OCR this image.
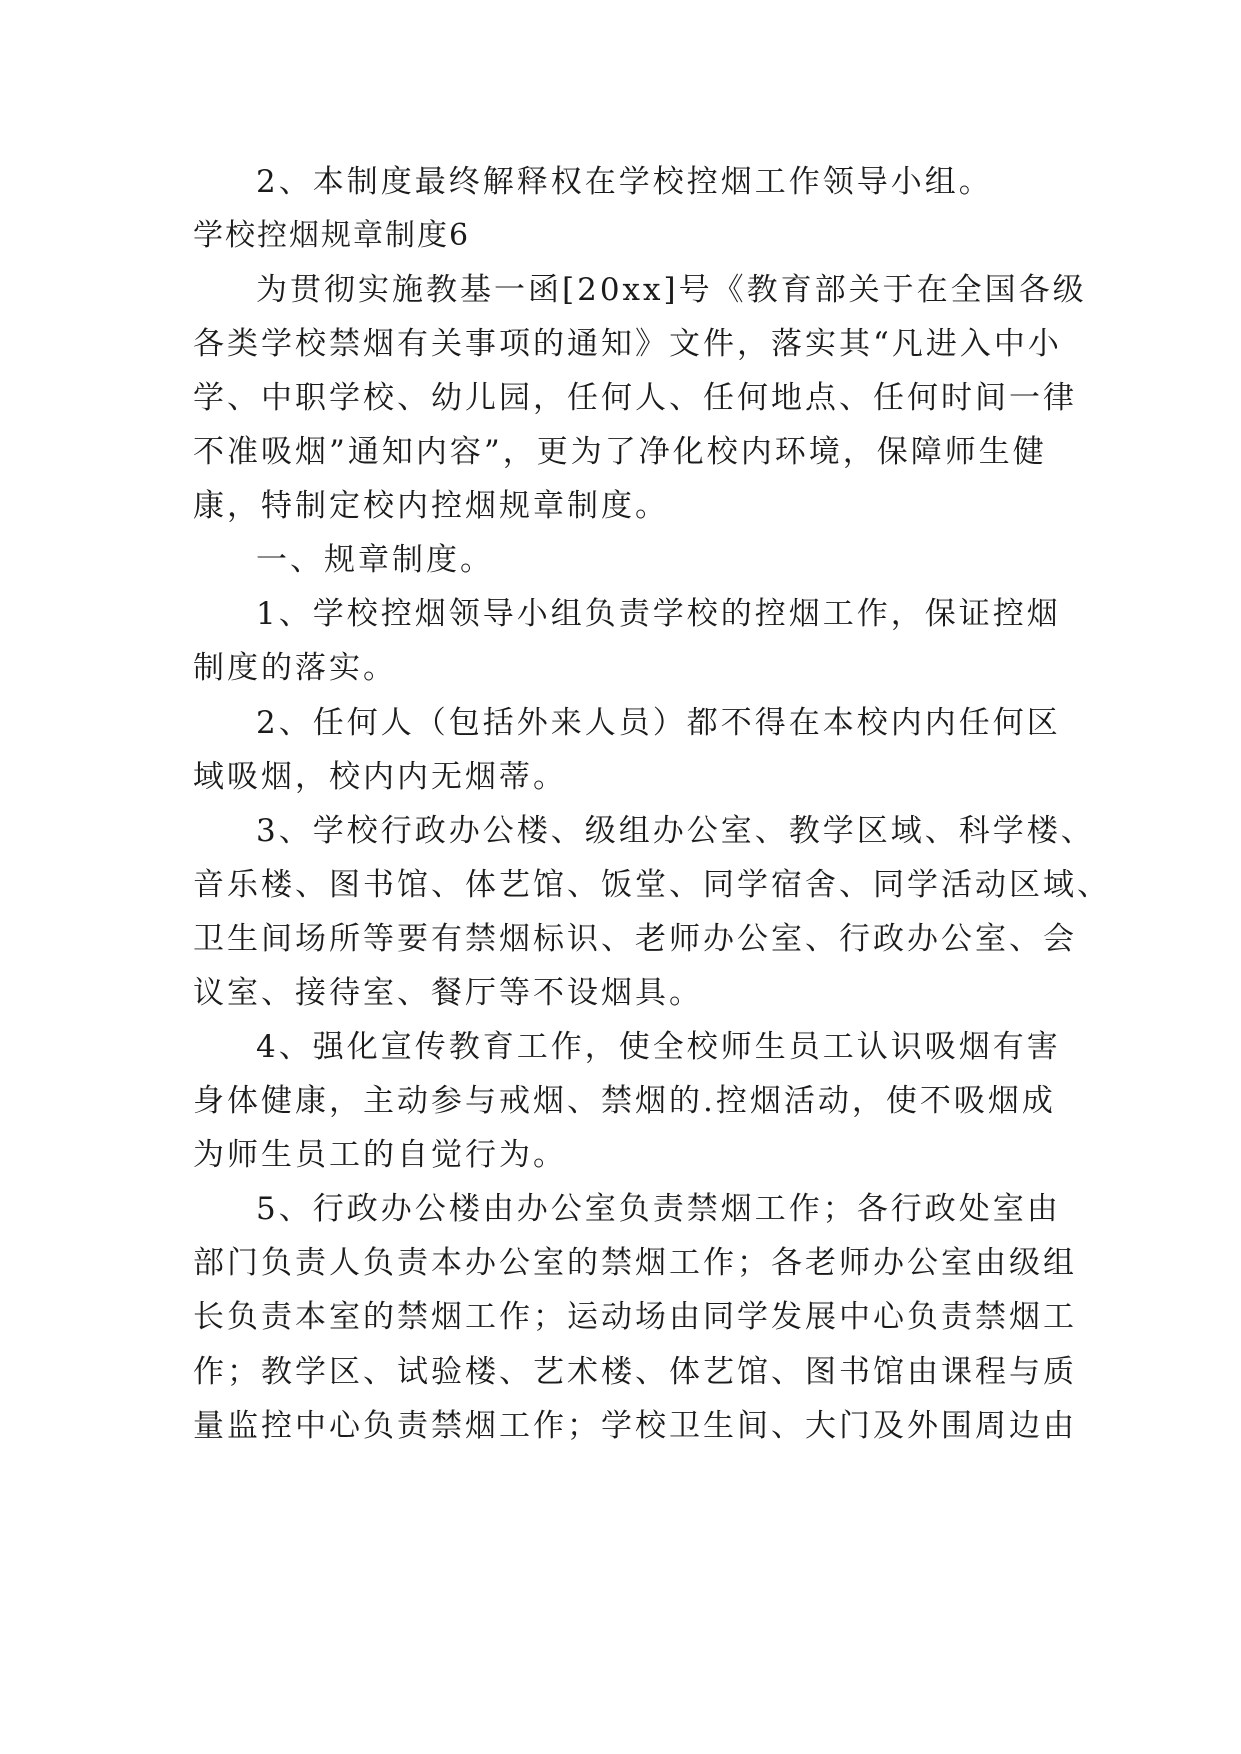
2、本制度最终解释权在学校控烟工作领导小组。

学校控烟规章制度6

为贯彻实施教基一函[20xx]号《教育部关于在全国各级

各类学校禁烟有关事项的通知》文件，落实其“凡进入中小

学、中职学校、幼儿园，任何人、任何地点、任何时间一律

不准吸烟”通知内容”，更为了净化校内环境，保障师生健

康，特制定校内控烟规章制度。

一、规章制度。

1、学校控烟领导小组负责学校的控烟工作，保证控烟

制度的落实。

2、任何人（包括外来人员）都不得在本校内内任何区

域吸烟，校内内无烟蒂。

3、学校行政办公楼、级组办公室、教学区域、科学楼、

音乐楼、图书馆、体艺馆、饭堂、同学宿舍、同学活动区域、

卫生间场所等要有禁烟标识、老师办公室、行政办公室、会

议室、接待室、餐厅等不设烟具。

4、强化宣传教育工作，使全校师生员工认识吸烟有害

身体健康，主动参与戒烟、禁烟的.控烟活动，使不吸烟成

为师生员工的自觉行为。

5、行政办公楼由办公室负责禁烟工作；各行政处室由

部门负责人负责本办公室的禁烟工作；各老师办公室由级组

长负责本室的禁烟工作；运动场由同学发展中心负责禁烟工

作；教学区、试验楼、艺术楼、体艺馆、图书馆由课程与质

量监控中心负责禁烟工作；学校卫生间、大门及外围周边由
